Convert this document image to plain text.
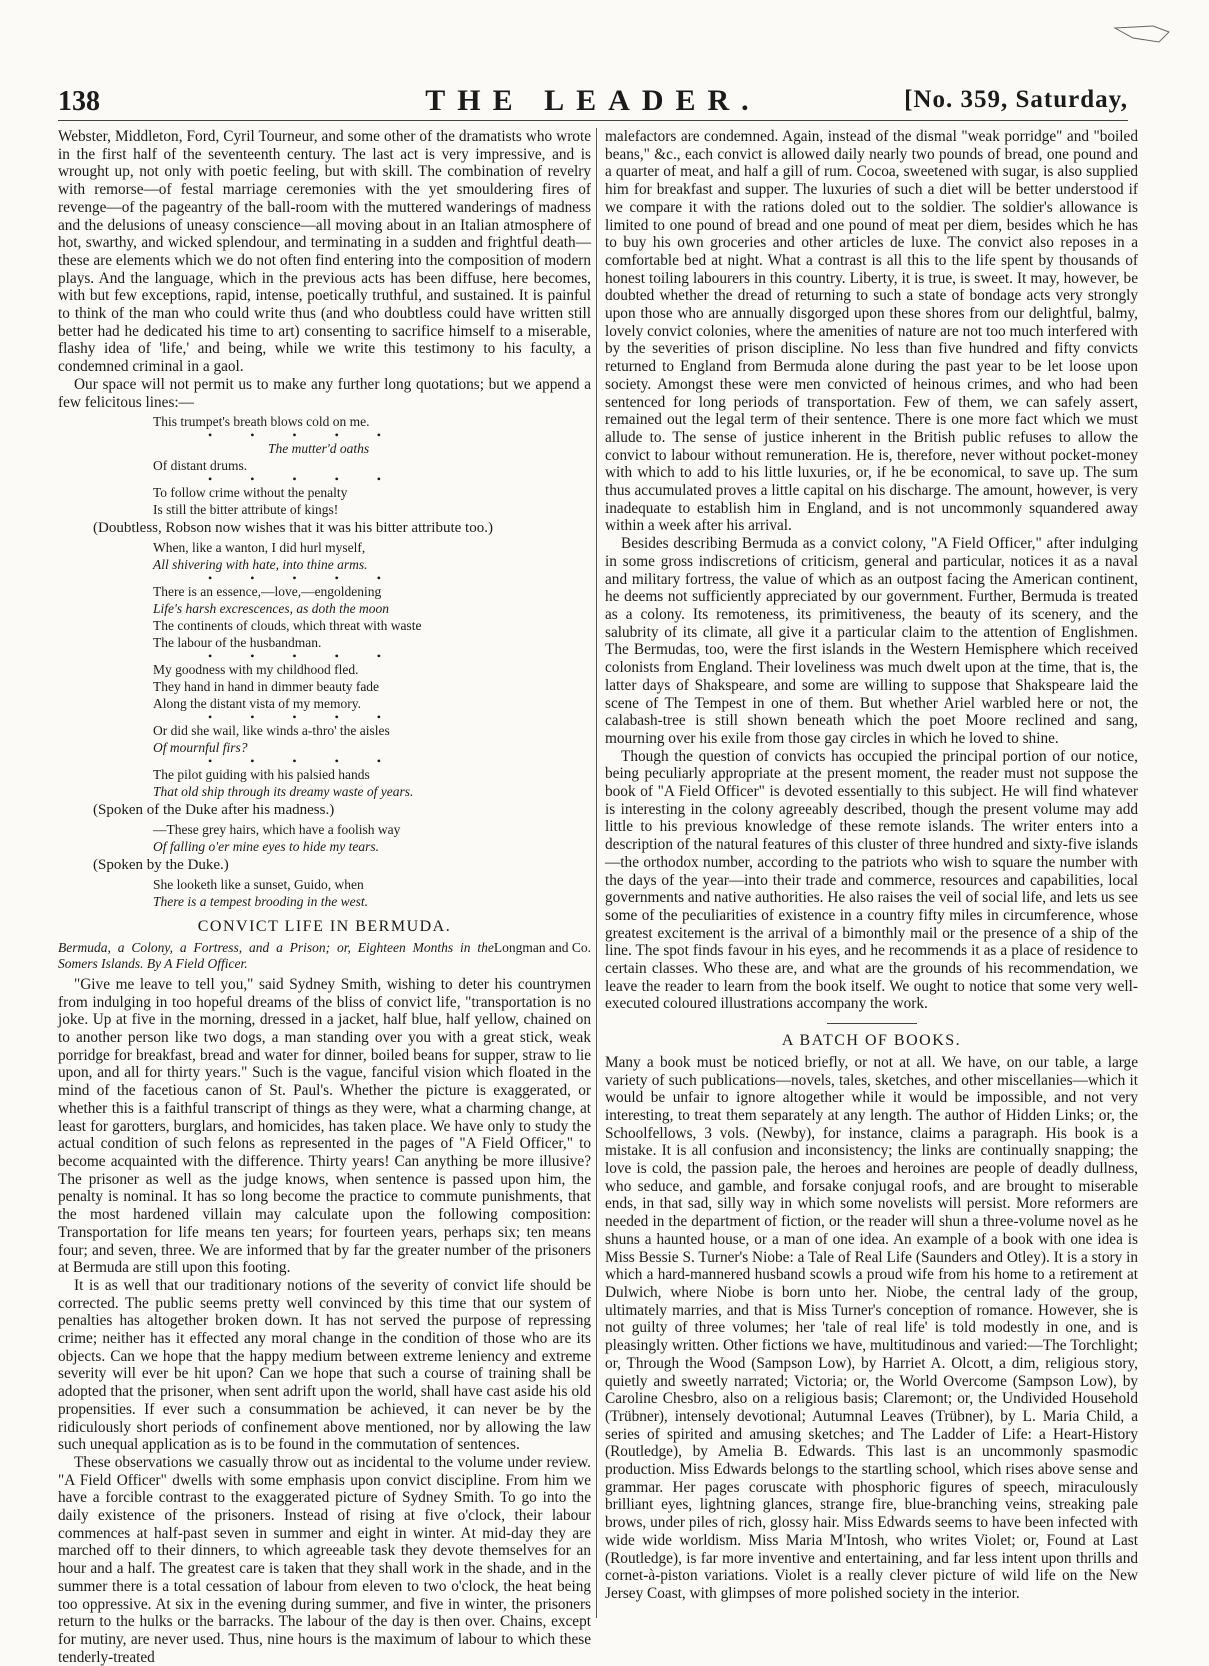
138	THE LEADER.	[No. 359, Saturday,

Webster, Middleton, Ford, Cyril Tourneur, and some other of the dramatists who wrote in the first half of the seventeenth century. The last act is very impressive, and is wrought up, not only with poetic feeling, but with skill. The combination of revelry with remorse—of festal marriage ceremonies with the yet smouldering fires of revenge—of the pageantry of the ball-room with the muttered wanderings of madness and the delusions of uneasy conscience—all moving about in an Italian atmosphere of hot, swarthy, and wicked splendour, and terminating in a sudden and frightful death—these are elements which we do not often find entering into the composition of modern plays. And the language, which in the previous acts has been diffuse, here becomes, with but few exceptions, rapid, intense, poetically truthful, and sustained. It is painful to think of the man who could write thus (and who doubtless could have written still better had he dedicated his time to art) consenting to sacrifice himself to a miserable, flashy idea of 'life,' and being, while we write this testimony to his faculty, a condemned criminal in a gaol.

Our space will not permit us to make any further long quotations; but we append a few felicitous lines:—

This trumpet's breath blows cold on me.
•••••
The mutter'd oaths
Of distant drums.
•••••
To follow crime without the penalty
Is still the bitter attribute of kings!
(Doubtless, Robson now wishes that it was his bitter attribute too.)
When, like a wanton, I did hurl myself,
All shivering with hate, into thine arms.
•••••
There is an essence,—love,—engoldening
Life's harsh excrescences, as doth the moon
The continents of clouds, which threat with waste
The labour of the husbandman.
•••••
My goodness with my childhood fled.
They hand in hand in dimmer beauty fade
Along the distant vista of my memory.
•••••
Or did she wail, like winds a-thro' the aisles
Of mournful firs?
•••••
The pilot guiding with his palsied hands
That old ship through its dreamy waste of years.
(Spoken of the Duke after his madness.)
—These grey hairs, which have a foolish way
Of falling o'er mine eyes to hide my tears.
(Spoken by the Duke.)
She looketh like a sunset, Guido, when
There is a tempest brooding in the west.
CONVICT LIFE IN BERMUDA.
Longman and Co.
Bermuda, a Colony, a Fortress, and a Prison; or, Eighteen Months in the Somers Islands. By A Field Officer.

"Give me leave to tell you," said Sydney Smith, wishing to deter his countrymen from indulging in too hopeful dreams of the bliss of convict life, "transportation is no joke. Up at five in the morning, dressed in a jacket, half blue, half yellow, chained on to another person like two dogs, a man standing over you with a great stick, weak porridge for breakfast, bread and water for dinner, boiled beans for supper, straw to lie upon, and all for thirty years." Such is the vague, fanciful vision which floated in the mind of the facetious canon of St. Paul's. Whether the picture is exaggerated, or whether this is a faithful transcript of things as they were, what a charming change, at least for garotters, burglars, and homicides, has taken place. We have only to study the actual condition of such felons as represented in the pages of "A Field Officer," to become acquainted with the difference. Thirty years! Can anything be more illusive? The prisoner as well as the judge knows, when sentence is passed upon him, the penalty is nominal. It has so long become the practice to commute punishments, that the most hardened villain may calculate upon the following composition: Transportation for life means ten years; for fourteen years, perhaps six; ten means four; and seven, three. We are informed that by far the greater number of the prisoners at Bermuda are still upon this footing.

It is as well that our traditionary notions of the severity of convict life should be corrected. The public seems pretty well convinced by this time that our system of penalties has altogether broken down. It has not served the purpose of repressing crime; neither has it effected any moral change in the condition of those who are its objects. Can we hope that the happy medium between extreme leniency and extreme severity will ever be hit upon? Can we hope that such a course of training shall be adopted that the prisoner, when sent adrift upon the world, shall have cast aside his old propensities. If ever such a consummation be achieved, it can never be by the ridiculously short periods of confinement above mentioned, nor by allowing the law such unequal application as is to be found in the commutation of sentences.

These observations we casually throw out as incidental to the volume under review. "A Field Officer" dwells with some emphasis upon convict discipline. From him we have a forcible contrast to the exaggerated picture of Sydney Smith. To go into the daily existence of the prisoners. Instead of rising at five o'clock, their labour commences at half-past seven in summer and eight in winter. At mid-day they are marched off to their dinners, to which agreeable task they devote themselves for an hour and a half. The greatest care is taken that they shall work in the shade, and in the summer there is a total cessation of labour from eleven to two o'clock, the heat being too oppressive. At six in the evening during summer, and five in winter, the prisoners return to the hulks or the barracks. The labour of the day is then over. Chains, except for mutiny, are never used. Thus, nine hours is the maximum of labour to which these tenderly-treated

malefactors are condemned. Again, instead of the dismal "weak porridge" and "boiled beans," &c., each convict is allowed daily nearly two pounds of bread, one pound and a quarter of meat, and half a gill of rum. Cocoa, sweetened with sugar, is also supplied him for breakfast and supper. The luxuries of such a diet will be better understood if we compare it with the rations doled out to the soldier. The soldier's allowance is limited to one pound of bread and one pound of meat per diem, besides which he has to buy his own groceries and other articles de luxe. The convict also reposes in a comfortable bed at night. What a contrast is all this to the life spent by thousands of honest toiling labourers in this country. Liberty, it is true, is sweet. It may, however, be doubted whether the dread of returning to such a state of bondage acts very strongly upon those who are annually disgorged upon these shores from our delightful, balmy, lovely convict colonies, where the amenities of nature are not too much interfered with by the severities of prison discipline. No less than five hundred and fifty convicts returned to England from Bermuda alone during the past year to be let loose upon society. Amongst these were men convicted of heinous crimes, and who had been sentenced for long periods of transportation. Few of them, we can safely assert, remained out the legal term of their sentence. There is one more fact which we must allude to. The sense of justice inherent in the British public refuses to allow the convict to labour without remuneration. He is, therefore, never without pocket-money with which to add to his little luxuries, or, if he be economical, to save up. The sum thus accumulated proves a little capital on his discharge. The amount, however, is very inadequate to establish him in England, and is not uncommonly squandered away within a week after his arrival.

Besides describing Bermuda as a convict colony, "A Field Officer," after indulging in some gross indiscretions of criticism, general and particular, notices it as a naval and military fortress, the value of which as an outpost facing the American continent, he deems not sufficiently appreciated by our government. Further, Bermuda is treated as a colony. Its remoteness, its primitiveness, the beauty of its scenery, and the salubrity of its climate, all give it a particular claim to the attention of Englishmen. The Bermudas, too, were the first islands in the Western Hemisphere which received colonists from England. Their loveliness was much dwelt upon at the time, that is, the latter days of Shakspeare, and some are willing to suppose that Shakspeare laid the scene of The Tempest in one of them. But whether Ariel warbled here or not, the calabash-tree is still shown beneath which the poet Moore reclined and sang, mourning over his exile from those gay circles in which he loved to shine.

Though the question of convicts has occupied the principal portion of our notice, being peculiarly appropriate at the present moment, the reader must not suppose the book of "A Field Officer" is devoted essentially to this subject. He will find whatever is interesting in the colony agreeably described, though the present volume may add little to his previous knowledge of these remote islands. The writer enters into a description of the natural features of this cluster of three hundred and sixty-five islands—the orthodox number, according to the patriots who wish to square the number with the days of the year—into their trade and commerce, resources and capabilities, local governments and native authorities. He also raises the veil of social life, and lets us see some of the peculiarities of existence in a country fifty miles in circumference, whose greatest excitement is the arrival of a bimonthly mail or the presence of a ship of the line. The spot finds favour in his eyes, and he recommends it as a place of residence to certain classes. Who these are, and what are the grounds of his recommendation, we leave the reader to learn from the book itself. We ought to notice that some very well-executed coloured illustrations accompany the work.

A BATCH OF BOOKS.

Many a book must be noticed briefly, or not at all. We have, on our table, a large variety of such publications—novels, tales, sketches, and other miscellanies—which it would be unfair to ignore altogether while it would be impossible, and not very interesting, to treat them separately at any length. The author of Hidden Links; or, the Schoolfellows, 3 vols. (Newby), for instance, claims a paragraph. His book is a mistake. It is all confusion and inconsistency; the links are continually snapping; the love is cold, the passion pale, the heroes and heroines are people of deadly dullness, who seduce, and gamble, and forsake conjugal roofs, and are brought to miserable ends, in that sad, silly way in which some novelists will persist. More reformers are needed in the department of fiction, or the reader will shun a three-volume novel as he shuns a haunted house, or a man of one idea. An example of a book with one idea is Miss Bessie S. Turner's Niobe: a Tale of Real Life (Saunders and Otley). It is a story in which a hard-mannered husband scowls a proud wife from his home to a retirement at Dulwich, where Niobe is born unto her. Niobe, the central lady of the group, ultimately marries, and that is Miss Turner's conception of romance. However, she is not guilty of three volumes; her 'tale of real life' is told modestly in one, and is pleasingly written. Other fictions we have, multitudinous and varied:—The Torchlight; or, Through the Wood (Sampson Low), by Harriet A. Olcott, a dim, religious story, quietly and sweetly narrated; Victoria; or, the World Overcome (Sampson Low), by Caroline Chesbro, also on a religious basis; Claremont; or, the Undivided Household (Trübner), intensely devotional; Autumnal Leaves (Trübner), by L. Maria Child, a series of spirited and amusing sketches; and The Ladder of Life: a Heart-History (Routledge), by Amelia B. Edwards. This last is an uncommonly spasmodic production. Miss Edwards belongs to the startling school, which rises above sense and grammar. Her pages coruscate with phosphoric figures of speech, miraculously brilliant eyes, lightning glances, strange fire, blue-branching veins, streaking pale brows, under piles of rich, glossy hair. Miss Edwards seems to have been infected with wide wide worldism. Miss Maria M'Intosh, who writes Violet; or, Found at Last (Routledge), is far more inventive and entertaining, and far less intent upon thrills and cornet-à-piston variations. Violet is a really clever picture of wild life on the New Jersey Coast, with glimpses of more polished society in the interior.
